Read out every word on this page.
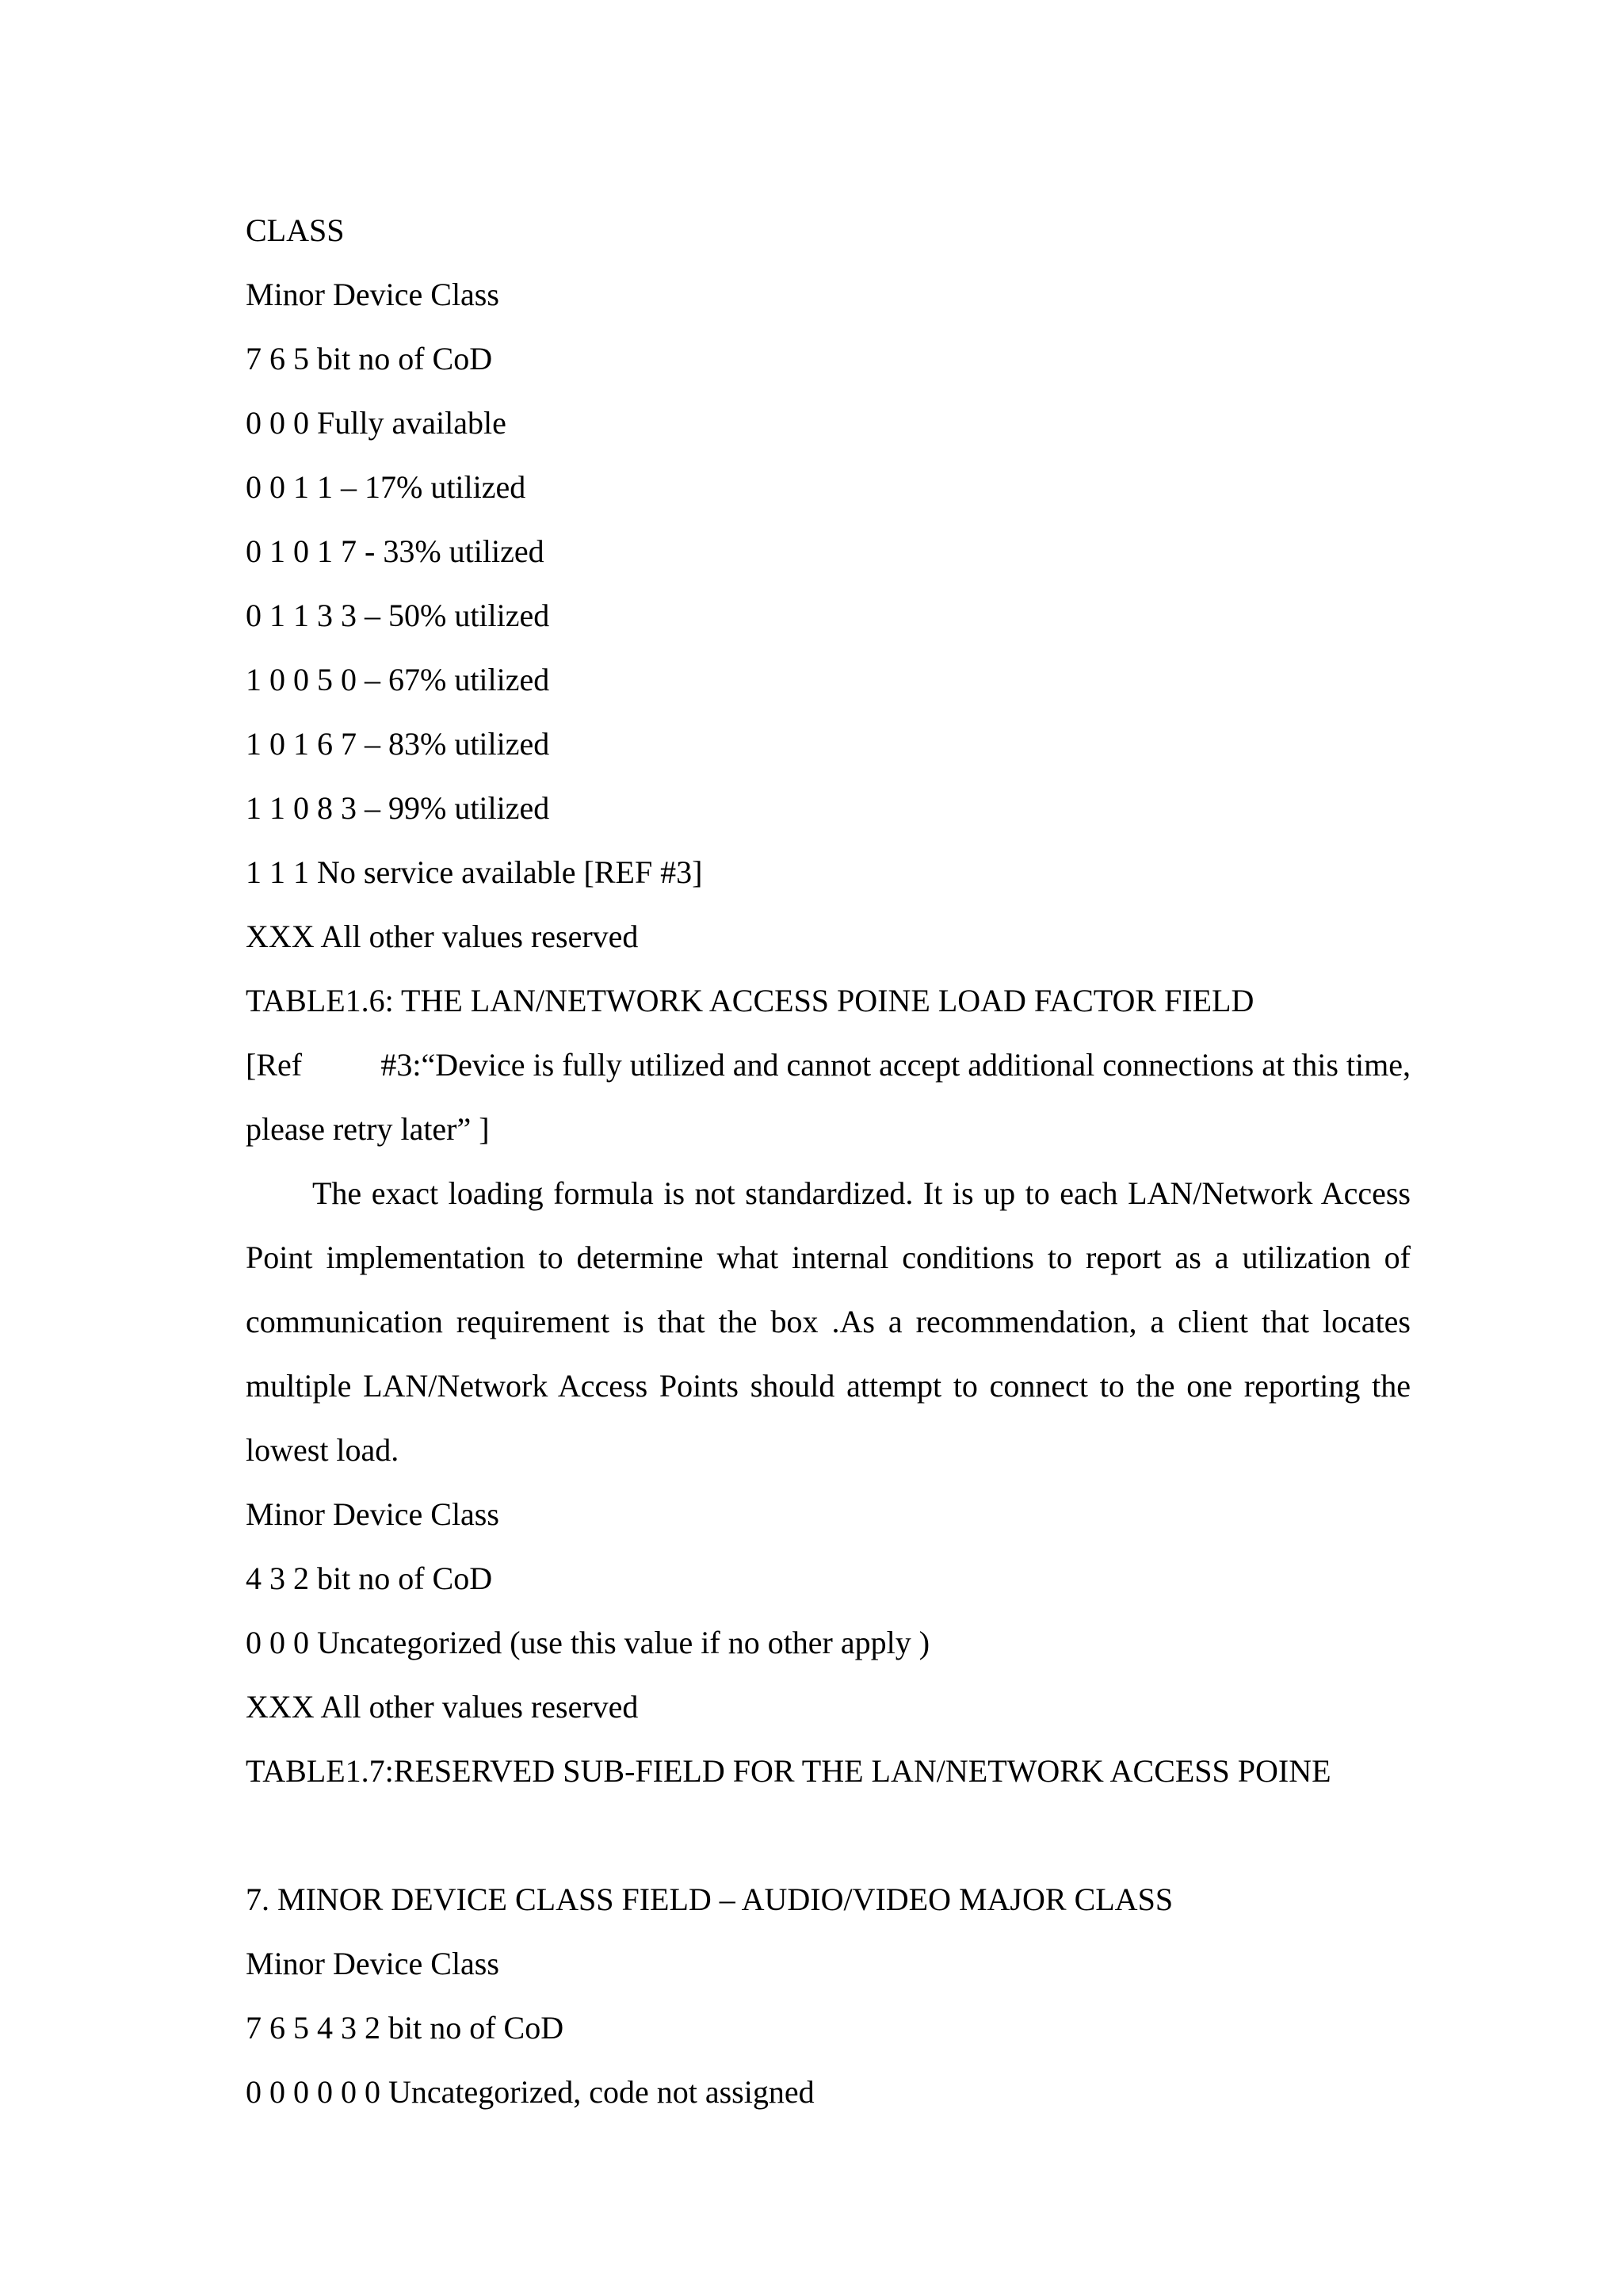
CLASS
Minor Device Class
7 6 5 bit no of CoD
0 0 0 Fully available
0 0 1 1 – 17% utilized
0 1 0 1 7 - 33% utilized
0 1 1 3 3 – 50% utilized
1 0 0 5 0 – 67% utilized
1 0 1 6 7 – 83% utilized
1 1 0 8 3 – 99% utilized
1 1 1 No service available [REF #3]
XXX All other values reserved
TABLE1.6: THE LAN/NETWORK ACCESS POINE LOAD FACTOR FIELD
[Ref #3:“Device is fully utilized and cannot accept additional connections at this time,
please retry later” ]
The exact loading formula is not standardized. It is up to each LAN/Network Access Point implementation to determine what internal conditions to report as a utilization of communication requirement is that the box .As a recommendation, a client that locates multiple LAN/Network Access Points should attempt to connect to the one reporting the lowest load.
Minor Device Class
4 3 2 bit no of CoD
0 0 0 Uncategorized (use this value if no other apply )
XXX All other values reserved
TABLE1.7:RESERVED SUB-FIELD FOR THE LAN/NETWORK ACCESS POINE
7. MINOR DEVICE CLASS FIELD – AUDIO/VIDEO MAJOR CLASS
Minor Device Class
7 6 5 4 3 2 bit no of CoD
0 0 0 0 0 0 Uncategorized, code not assigned
